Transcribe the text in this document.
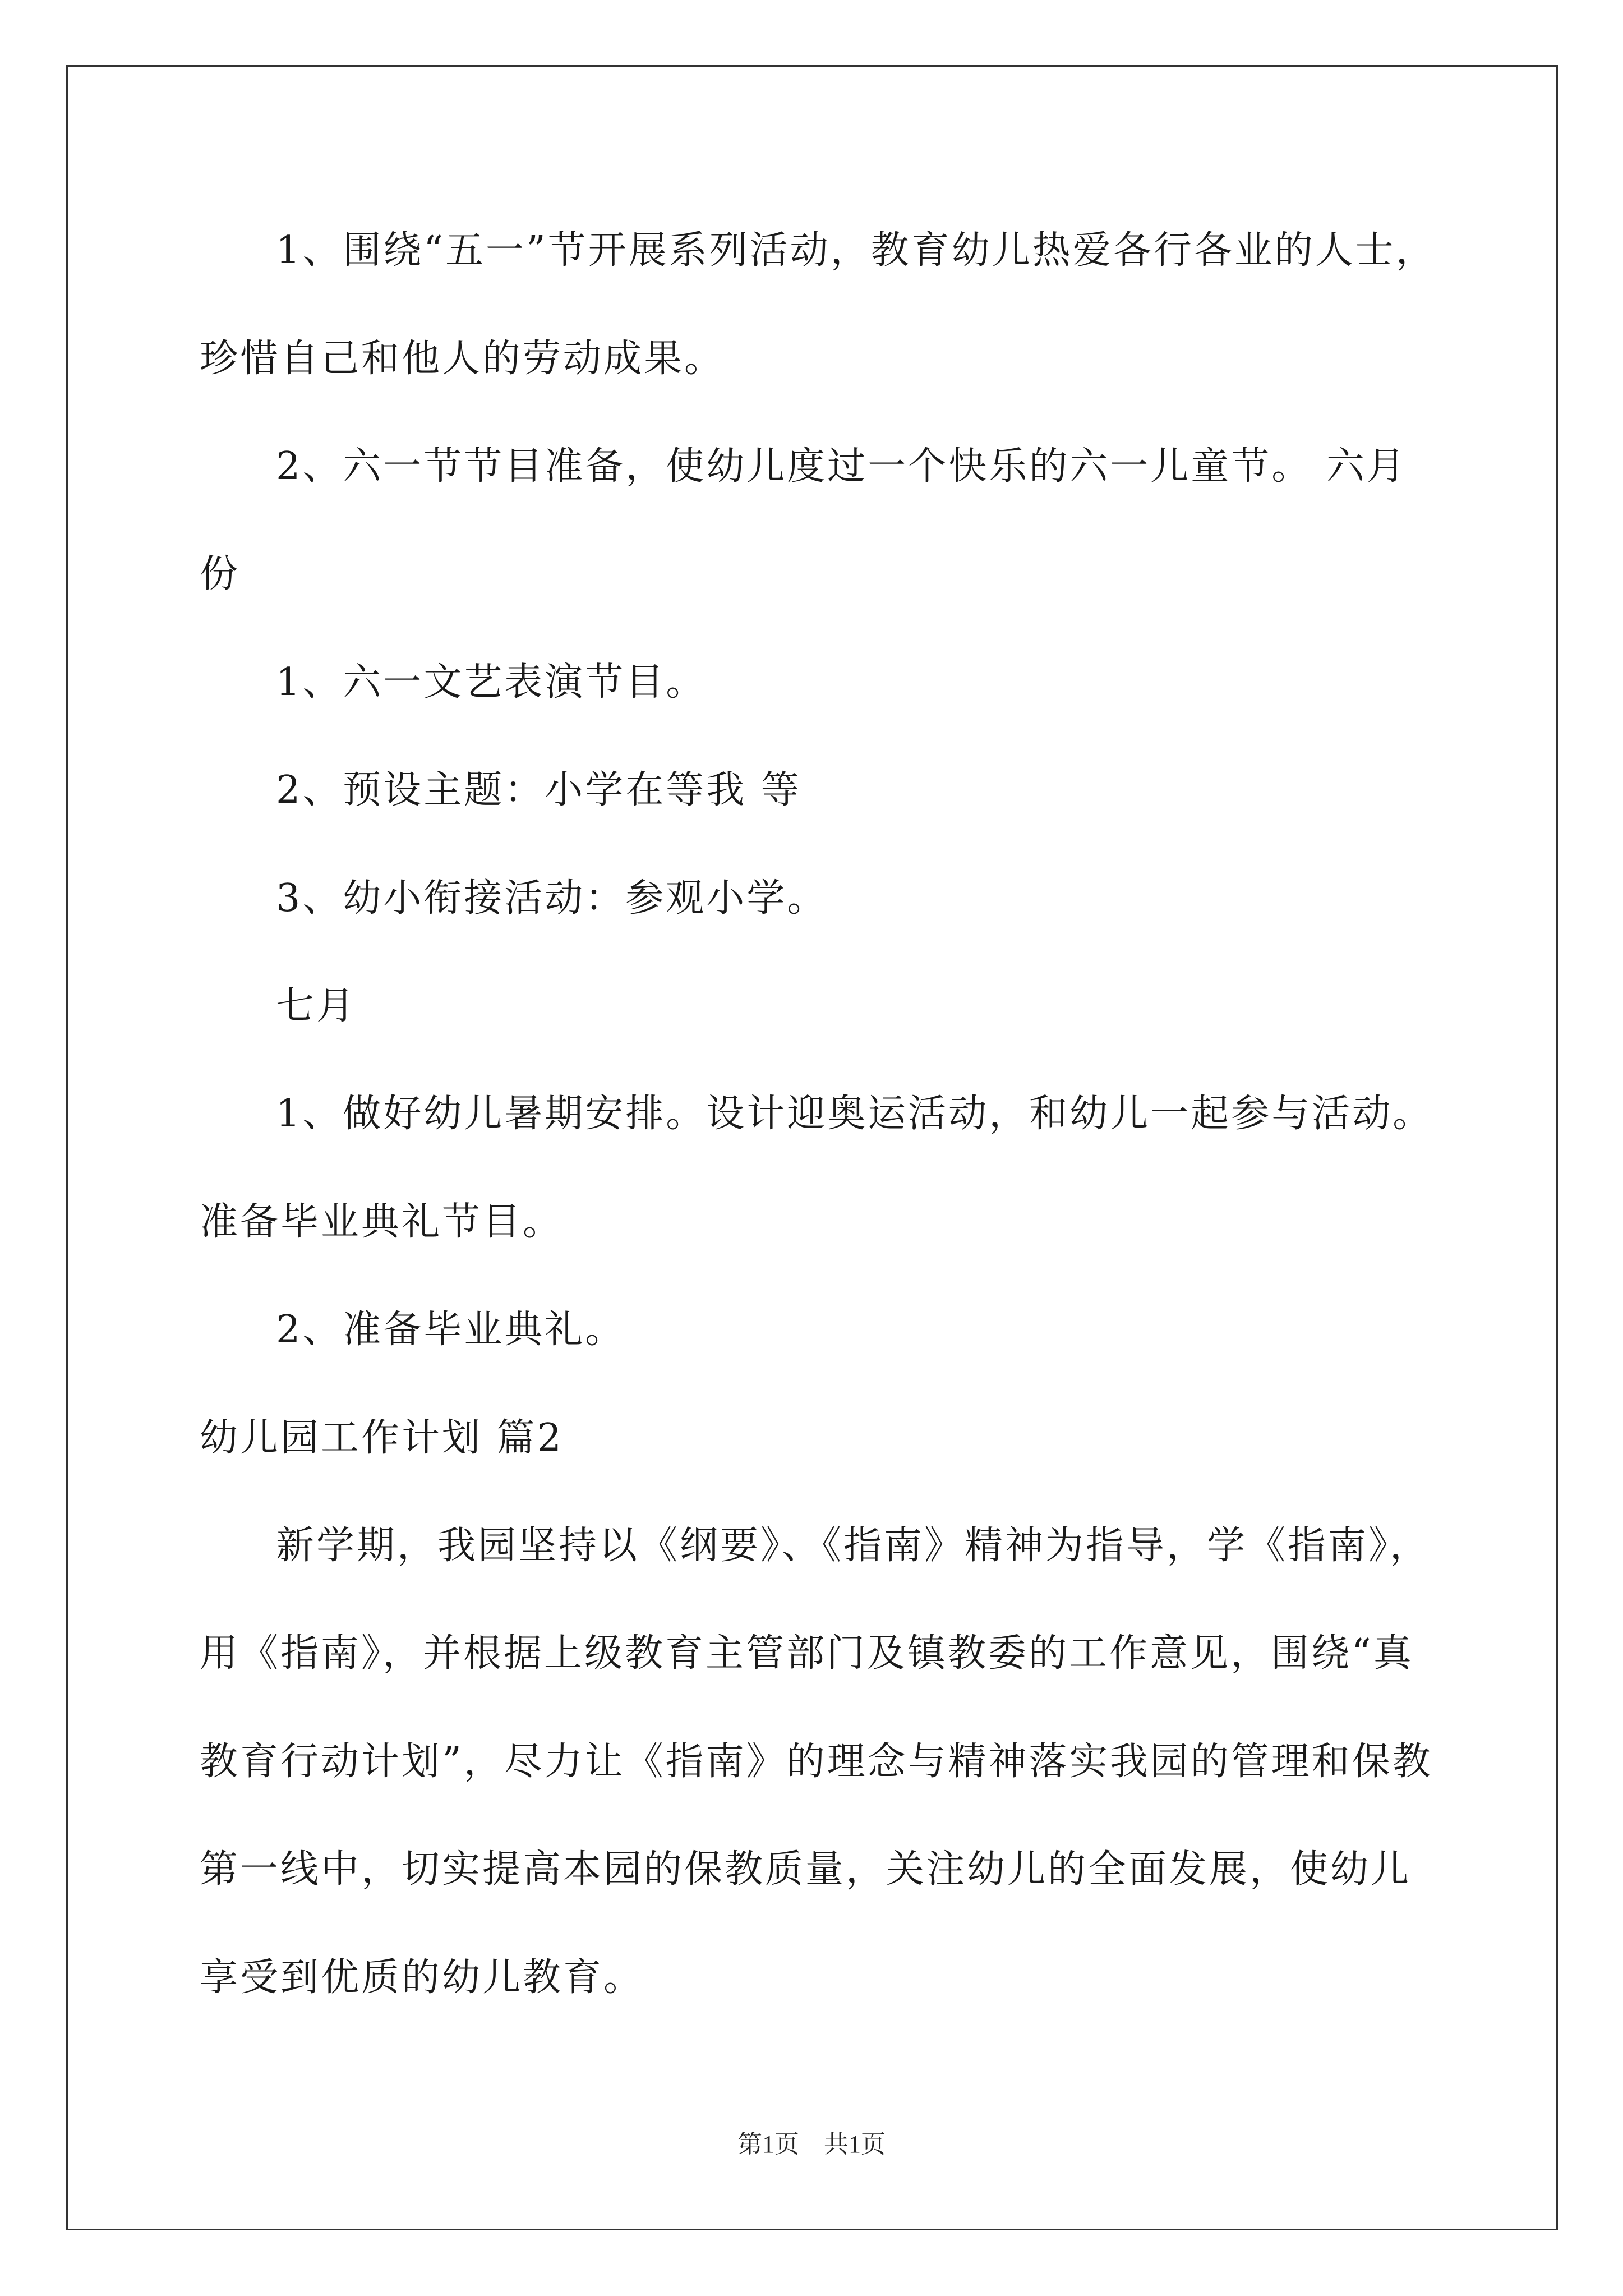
1、围绕“五一”节开展系列活动，教育幼儿热爱各行各业的人士，
珍惜自己和他人的劳动成果。
2、六一节节目准备，使幼儿度过一个快乐的六一儿童节。 六月
份
1、六一文艺表演节目。
2、预设主题：小学在等我 等
3、幼小衔接活动：参观小学。
七月
1、做好幼儿暑期安排。设计迎奥运活动，和幼儿一起参与活动。
准备毕业典礼节目。
2、准备毕业典礼。
幼儿园工作计划 篇2
新学期，我园坚持以《纲要》、《指南》精神为指导，学《指南》，
用《指南》，并根据上级教育主管部门及镇教委的工作意见，围绕“真
教育行动计划”，尽力让《指南》的理念与精神落实我园的管理和保教
第一线中，切实提高本园的保教质量，关注幼儿的全面发展，使幼儿
享受到优质的幼儿教育。
第1页　共1页
